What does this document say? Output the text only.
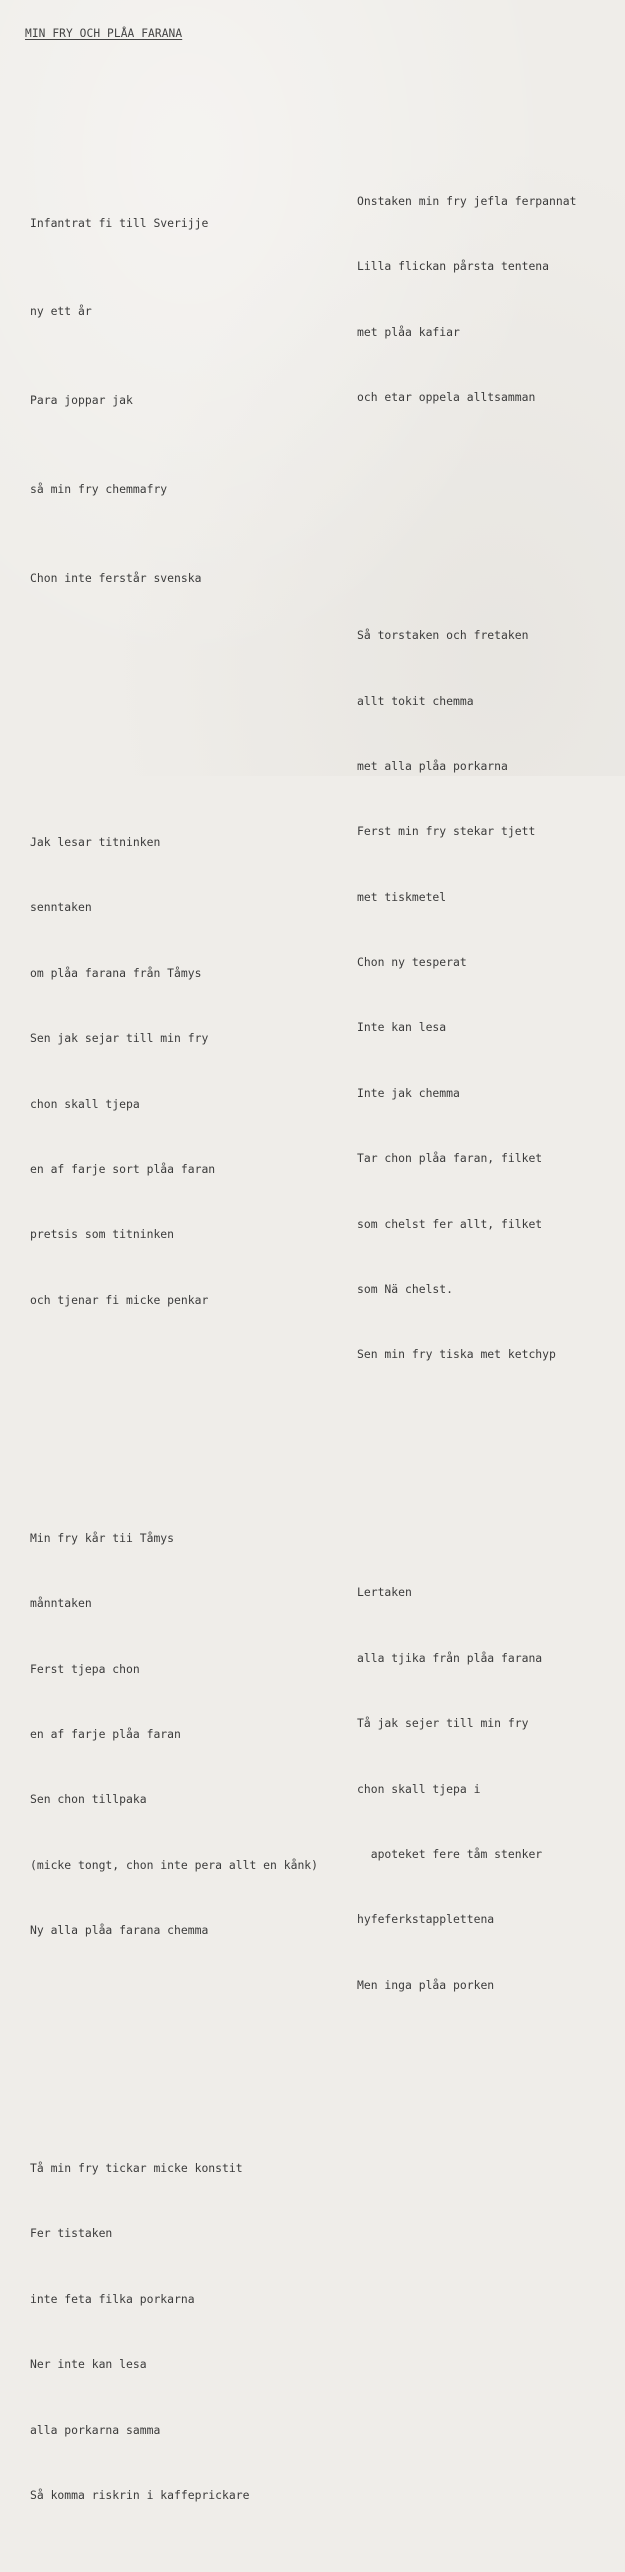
MIN FRY OCH PLÅA FARANA

Infantrat fi till Sverijje

ny ett år

Para joppar jak

så min fry chemmafry

Chon inte ferstår svenska

Jak lesar titninken

senntaken

om plåa farana från Tåmys

Sen jak sejar till min fry

chon skall tjepa

en af farje sort plåa faran

pretsis som titninken

och tjenar fi micke penkar

Min fry kår tii Tåmys

månntaken

Ferst tjepa chon

en af farje plåa faran

Sen chon tillpaka

(micke tongt, chon inte pera allt en kånk)

Ny alla plåa farana chemma

Tå min fry tickar micke konstit

Fer tistaken

inte feta filka porkarna

Ner inte kan lesa

alla porkarna samma

Så komma riskrin i kaffeprickare

Onstaken min fry jefla ferpannat

Lilla flickan pårsta tentena

met plåa kafiar

och etar oppela alltsamman

Så torstaken och fretaken

allt tokit chemma

met alla plåa porkarna

Ferst min fry stekar tjett

met tiskmetel

Chon ny tesperat

Inte kan lesa

Inte jak chemma

Tar chon plåa faran, filket

som chelst fer allt, filket

som Nä chelst.

Sen min fry tiska met ketchyp

Lertaken

alla tjika från plåa farana

Tå jak sejer till min fry

chon skall tjepa i

apoteket fere tåm stenker

hyfeferkstapplettena

Men inga plåa porken
